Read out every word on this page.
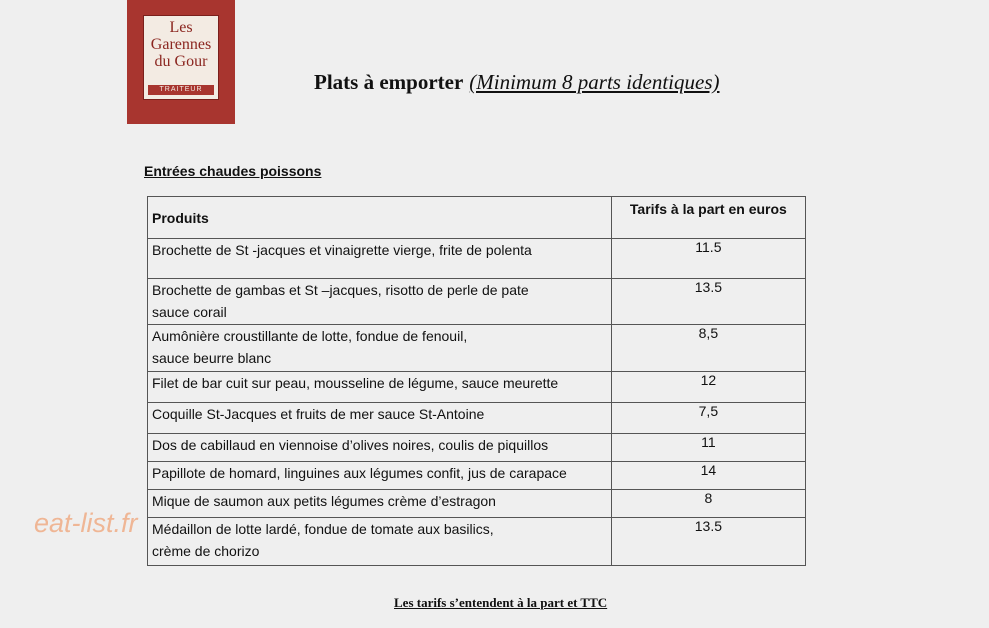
Les
Garennes
du Gour
TRAITEUR	Plats à emporter (Minimum 8 parts identiques)
Entrées chaudes poissons
Produits	Tarifs à la part en euros

Brochette de St -jacques et vinaigrette vierge, frite de polenta	11.5

Brochette de gambas et St –jacques, risotto de perle de pate
sauce corail	13.5

Aumônière croustillante de lotte, fondue de fenouil,
sauce beurre blanc	8,5

Filet de bar cuit sur peau, mousseline de légume, sauce meurette	12

Coquille St-Jacques et fruits de mer sauce St-Antoine	7,5

Dos de cabillaud en viennoise d’olives noires, coulis de piquillos	11

Papillote de homard, linguines aux légumes confit, jus de carapace	14

Mique de saumon aux petits légumes crème d’estragon	8

Médaillon de lotte lardé, fondue de tomate aux basilics,
crème de chorizo	13.5
eat-list.fr
Les tarifs s’entendent à la part et TTC
